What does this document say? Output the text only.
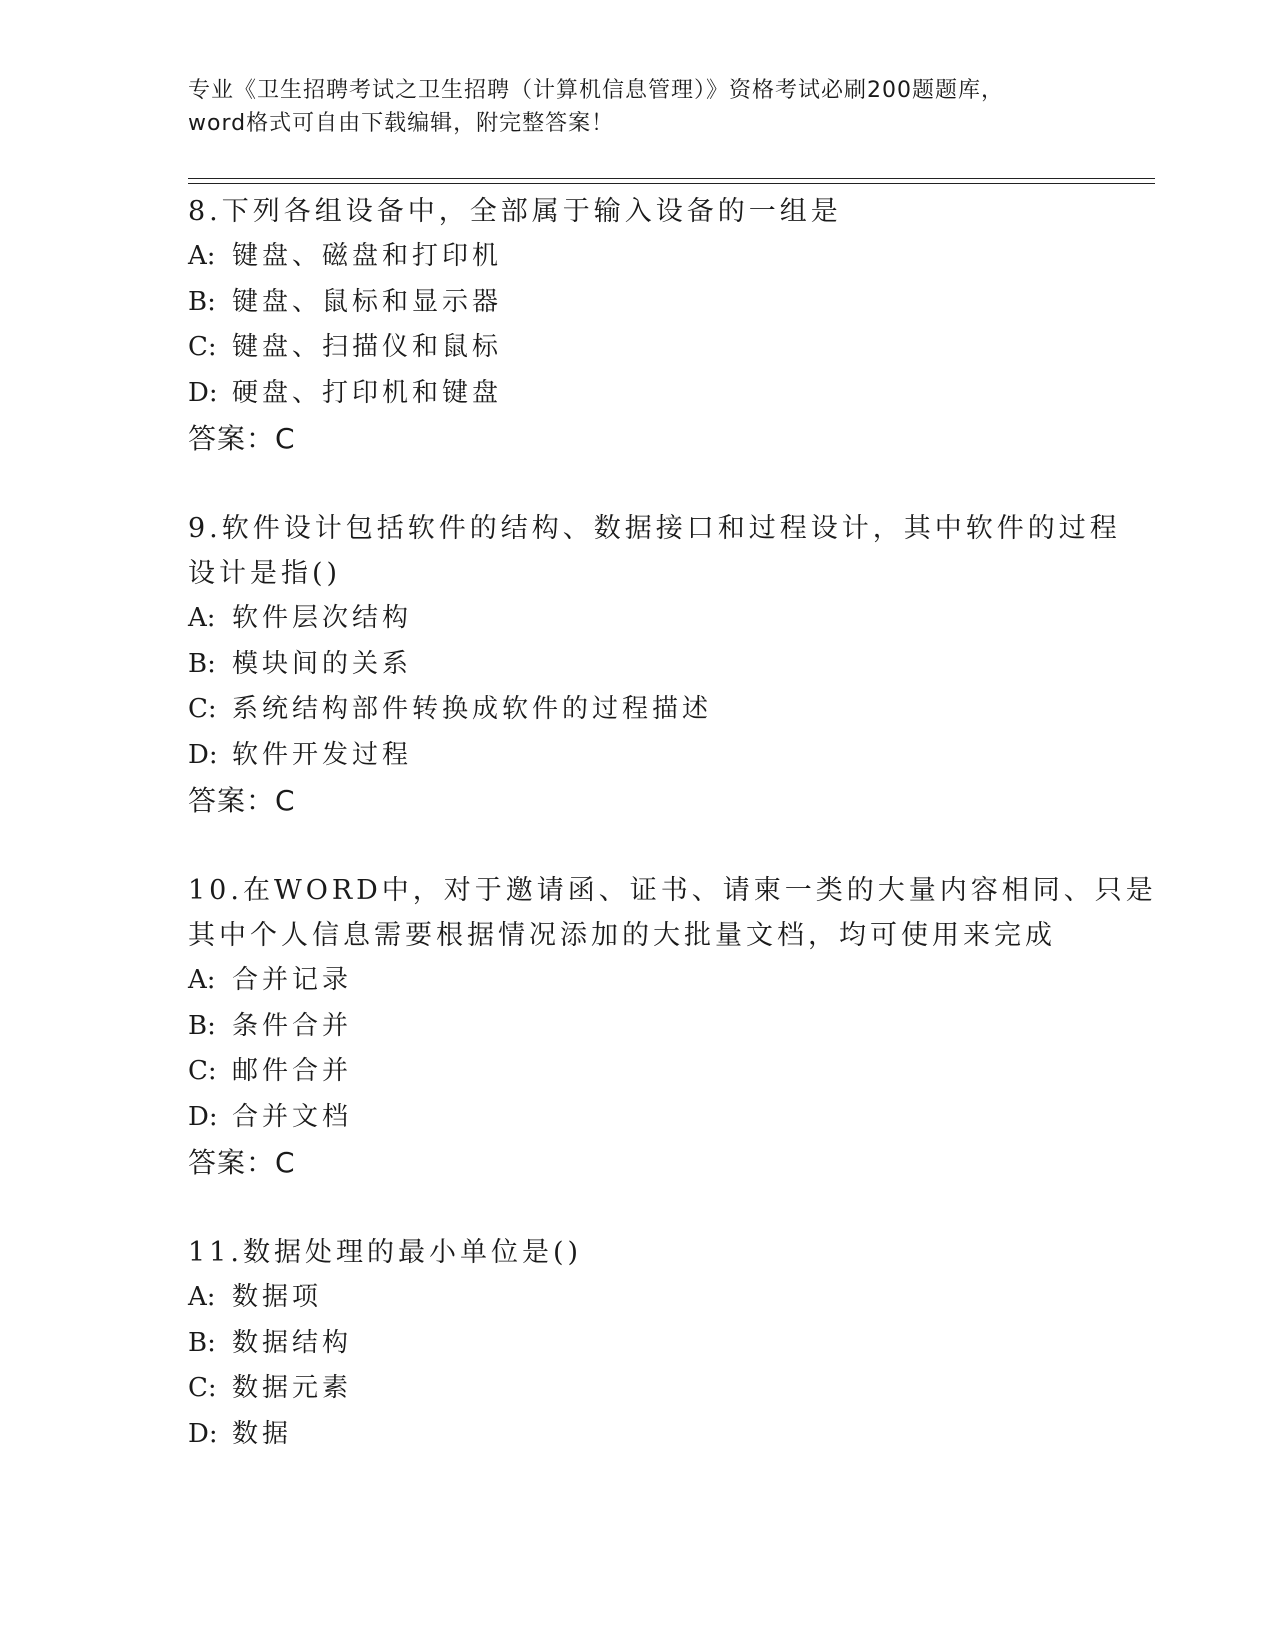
专业《卫生招聘考试之卫生招聘（计算机信息管理）》资格考试必刷200题题库，
word格式可自由下载编辑，附完整答案！
8.下列各组设备中，全部属于输入设备的一组是
A: 键盘、磁盘和打印机
B: 键盘、鼠标和显示器
C: 键盘、扫描仪和鼠标
D: 硬盘、打印机和键盘
答案：C
9.软件设计包括软件的结构、数据接口和过程设计，其中软件的过程
设计是指()
A: 软件层次结构
B: 模块间的关系
C: 系统结构部件转换成软件的过程描述
D: 软件开发过程
答案：C
10.在WORD中，对于邀请函、证书、请柬一类的大量内容相同、只是
其中个人信息需要根据情况添加的大批量文档，均可使用来完成
A: 合并记录
B: 条件合并
C: 邮件合并
D: 合并文档
答案：C
11.数据处理的最小单位是()
A: 数据项
B: 数据结构
C: 数据元素
D: 数据
